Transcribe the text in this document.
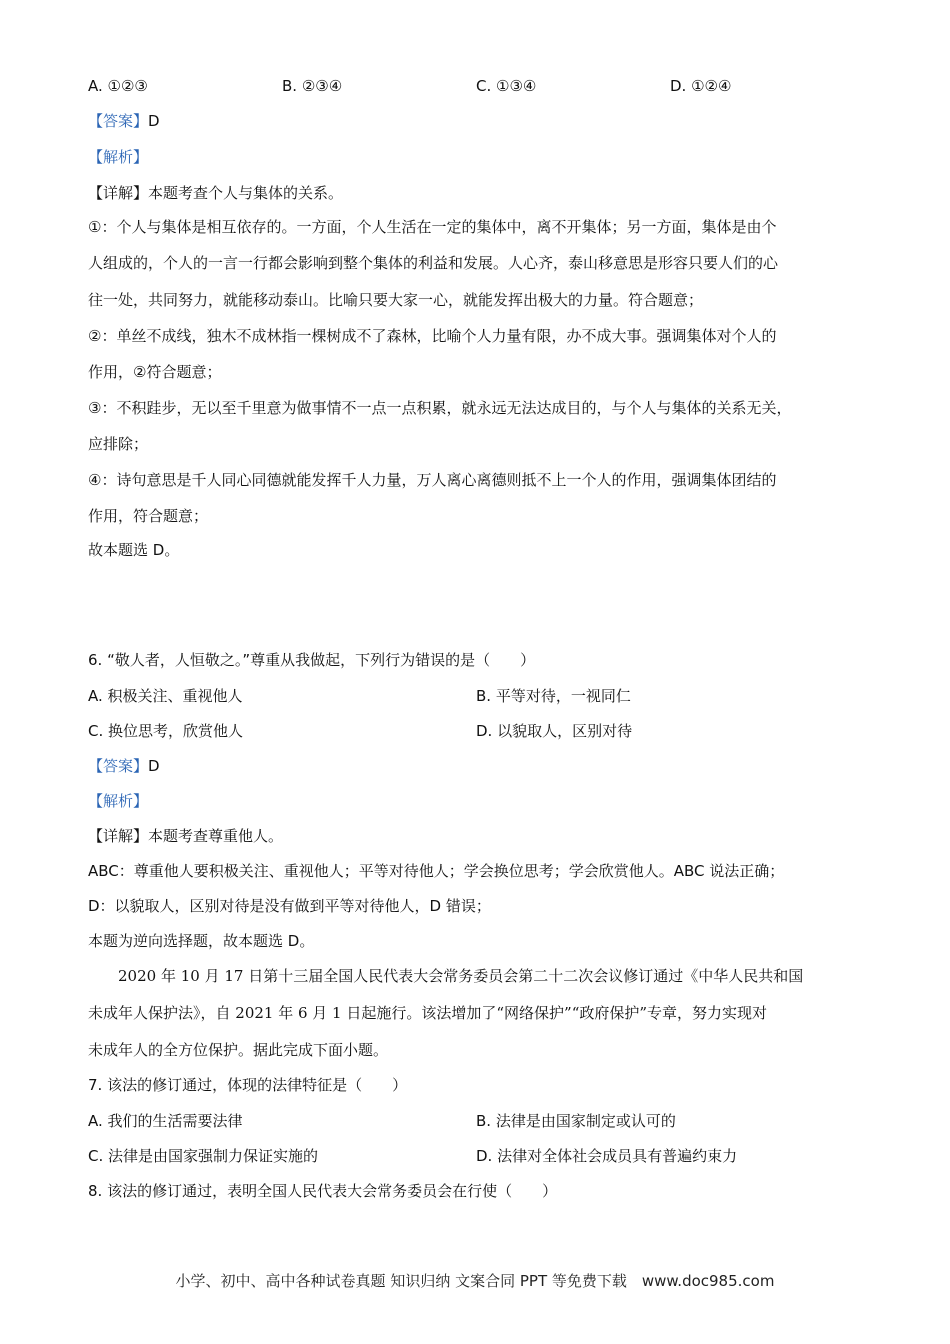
A. ①②③	B. ②③④	C. ①③④	D. ①②④
【答案】D
【解析】
【详解】本题考查个人与集体的关系。
①：个人与集体是相互依存的。一方面，个人生活在一定的集体中，离不开集体；另一方面，集体是由个
人组成的，个人的一言一行都会影响到整个集体的利益和发展。人心齐，泰山移意思是形容只要人们的心
往一处，共同努力，就能移动泰山。比喻只要大家一心，就能发挥出极大的力量。符合题意；
②：单丝不成线，独木不成林指一棵树成不了森林，比喻个人力量有限，办不成大事。强调集体对个人的
作用，②符合题意；
③：不积跬步，无以至千里意为做事情不一点一点积累，就永远无法达成目的，与个人与集体的关系无关，
应排除；
④：诗句意思是千人同心同德就能发挥千人力量，万人离心离德则抵不上一个人的作用，强调集体团结的
作用，符合题意；
故本题选 D。
6. “敬人者，人恒敬之。”尊重从我做起，下列行为错误的是（　　）
A. 积极关注、重视他人	B. 平等对待，一视同仁
C. 换位思考，欣赏他人	D. 以貌取人，区别对待
【答案】D
【解析】
【详解】本题考查尊重他人。
ABC：尊重他人要积极关注、重视他人；平等对待他人；学会换位思考；学会欣赏他人。ABC 说法正确；
D：以貌取人，区别对待是没有做到平等对待他人，D 错误；
本题为逆向选择题，故本题选 D。
2020 年 10 月 17 日第十三届全国人民代表大会常务委员会第二十二次会议修订通过《中华人民共和国
未成年人保护法》，自 2021 年 6 月 1 日起施行。该法增加了“网络保护”“政府保护”专章，努力实现对
未成年人的全方位保护。据此完成下面小题。
7. 该法的修订通过，体现的法律特征是（　　）
A. 我们的生活需要法律	B. 法律是由国家制定或认可的
C. 法律是由国家强制力保证实施的	D. 法律对全体社会成员具有普遍约束力
8. 该法的修订通过，表明全国人民代表大会常务委员会在行使（　　）
小学、初中、高中各种试卷真题 知识归纳 文案合同 PPT 等免费下载　www.doc985.com
